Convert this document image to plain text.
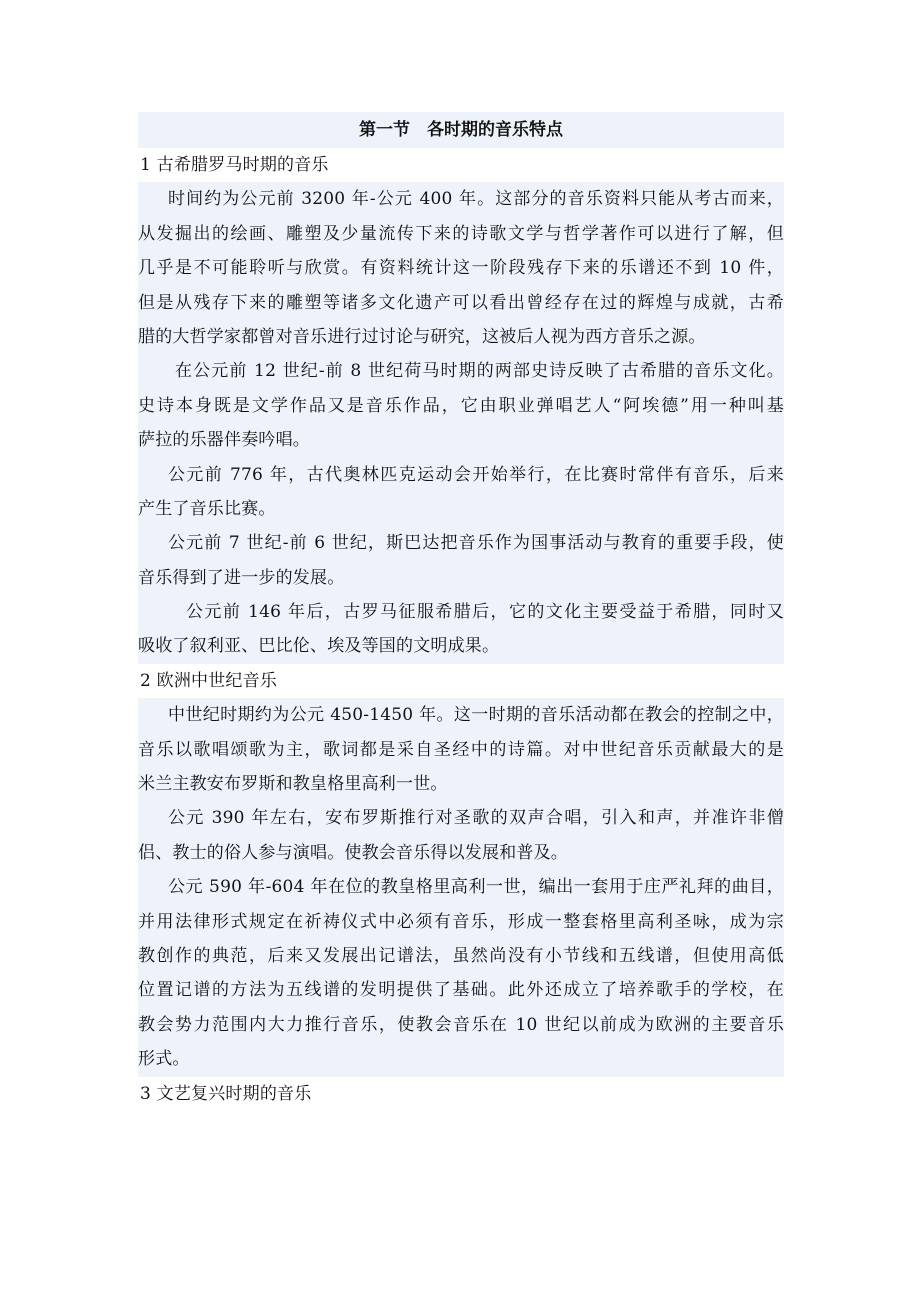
第一节　各时期的音乐特点
1 古希腊罗马时期的音乐
时间约为公元前 3200 年-公元 400 年。这部分的音乐资料只能从考古而来，
从发掘出的绘画、雕塑及少量流传下来的诗歌文学与哲学著作可以进行了解，但
几乎是不可能聆听与欣赏。有资料统计这一阶段残存下来的乐谱还不到 10 件，
但是从残存下来的雕塑等诸多文化遗产可以看出曾经存在过的辉煌与成就，古希
腊的大哲学家都曾对音乐进行过讨论与研究，这被后人视为西方音乐之源。
在公元前 12 世纪-前 8 世纪荷马时期的两部史诗反映了古希腊的音乐文化。
史诗本身既是文学作品又是音乐作品，它由职业弹唱艺人“阿埃德”用一种叫基
萨拉的乐器伴奏吟唱。
公元前 776 年，古代奥林匹克运动会开始举行，在比赛时常伴有音乐，后来
产生了音乐比赛。
公元前 7 世纪-前 6 世纪，斯巴达把音乐作为国事活动与教育的重要手段，使
音乐得到了进一步的发展。
公元前 146 年后，古罗马征服希腊后，它的文化主要受益于希腊，同时又
吸收了叙利亚、巴比伦、埃及等国的文明成果。
2 欧洲中世纪音乐
中世纪时期约为公元 450-1450 年。这一时期的音乐活动都在教会的控制之中，
音乐以歌唱颂歌为主，歌词都是采自圣经中的诗篇。对中世纪音乐贡献最大的是
米兰主教安布罗斯和教皇格里高利一世。
公元 390 年左右，安布罗斯推行对圣歌的双声合唱，引入和声，并准许非僧
侣、教士的俗人参与演唱。使教会音乐得以发展和普及。
公元 590 年-604 年在位的教皇格里高利一世，编出一套用于庄严礼拜的曲目，
并用法律形式规定在祈祷仪式中必须有音乐，形成一整套格里高利圣咏，成为宗
教创作的典范，后来又发展出记谱法，虽然尚没有小节线和五线谱，但使用高低
位置记谱的方法为五线谱的发明提供了基础。此外还成立了培养歌手的学校，在
教会势力范围内大力推行音乐，使教会音乐在 10 世纪以前成为欧洲的主要音乐
形式。
3 文艺复兴时期的音乐
